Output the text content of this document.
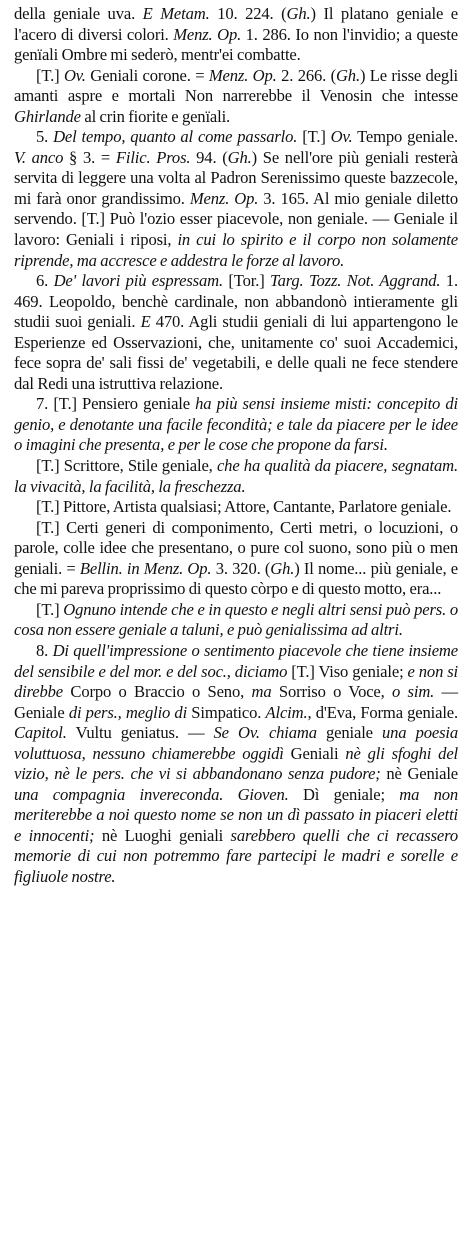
della geniale uva. E Metam. 10. 224. (Gh.) Il platano geniale e l'acero di diversi colori. Menz. Op. 1. 286. Io non l'invidio; a queste genïali Ombre mi sederò, mentr'ei combatte.

[T.] Ov. Geniali corone. = Menz. Op. 2. 266. (Gh.) Le risse degli amanti aspre e mortali Non narrerebbe il Venosin che intesse Ghirlande al crin fiorite e genïali.

5. Del tempo, quanto al come passarlo. [T.] Ov. Tempo geniale. V. anco § 3. = Filic. Pros. 94. (Gh.) Se nell'ore più geniali resterà servita di leggere una volta al Padron Serenissimo queste bazzecole, mi farà onor grandissimo. Menz. Op. 3. 165. Al mio geniale diletto servendo. [T.] Può l'ozio esser piacevole, non geniale. — Geniale il lavoro: Geniali i riposi, in cui lo spirito e il corpo non solamente riprende, ma accresce e addestra le forze al lavoro.

6. De' lavori più espressam. [Tor.] Targ. Tozz. Not. Aggrand. 1. 469. Leopoldo, benchè cardinale, non abbandonò intieramente gli studii suoi geniali. E 470. Agli studii geniali di lui appartengono le Esperienze ed Osservazioni, che, unitamente co' suoi Accademici, fece sopra de' sali fissi de' vegetabili, e delle quali ne fece stendere dal Redi una istruttiva relazione.

7. [T.] Pensiero geniale ha più sensi insieme misti: concepito di genio, e denotante una facile fecondità; e tale da piacere per le idee o imagini che presenta, e per le cose che propone da farsi.

[T.] Scrittore, Stile geniale, che ha qualità da piacere, segnatam. la vivacità, la facilità, la freschezza.

[T.] Pittore, Artista qualsiasi; Attore, Cantante, Parlatore geniale.

[T.] Certi generi di componimento, Certi metri, o locuzioni, o parole, colle idee che presentano, o pure col suono, sono più o men geniali. = Bellin. in Menz. Op. 3. 320. (Gh.) Il nome... più geniale, e che mi pareva proprissimo di questo còrpo e di questo motto, era...

[T.] Ognuno intende che e in questo e negli altri sensi può pers. o cosa non essere geniale a taluni, e può genialissima ad altri.

8. Di quell'impressione o sentimento piacevole che tiene insieme del sensibile e del mor. e del soc., diciamo [T.] Viso geniale; e non si direbbe Corpo o Braccio o Seno, ma Sorriso o Voce, o sim. — Geniale di pers., meglio di Simpatico. Alcim., d'Eva, Forma geniale. Capitol. Vultu geniatus. — Se Ov. chiama geniale una poesia voluttuosa, nessuno chiamerebbe oggidì Geniali nè gli sfoghi del vizio, nè le pers. che vi si abbandonano senza pudore; nè Geniale una compagnia invereconda. Gioven. Dì geniale; ma non meriterebbe a noi questo nome se non un dì passato in piaceri eletti e innocenti; nè Luoghi geniali sarebbero quelli che ci recassero memorie di cui non potremmo fare partecipi le madri e sorelle e figliuole nostre.
